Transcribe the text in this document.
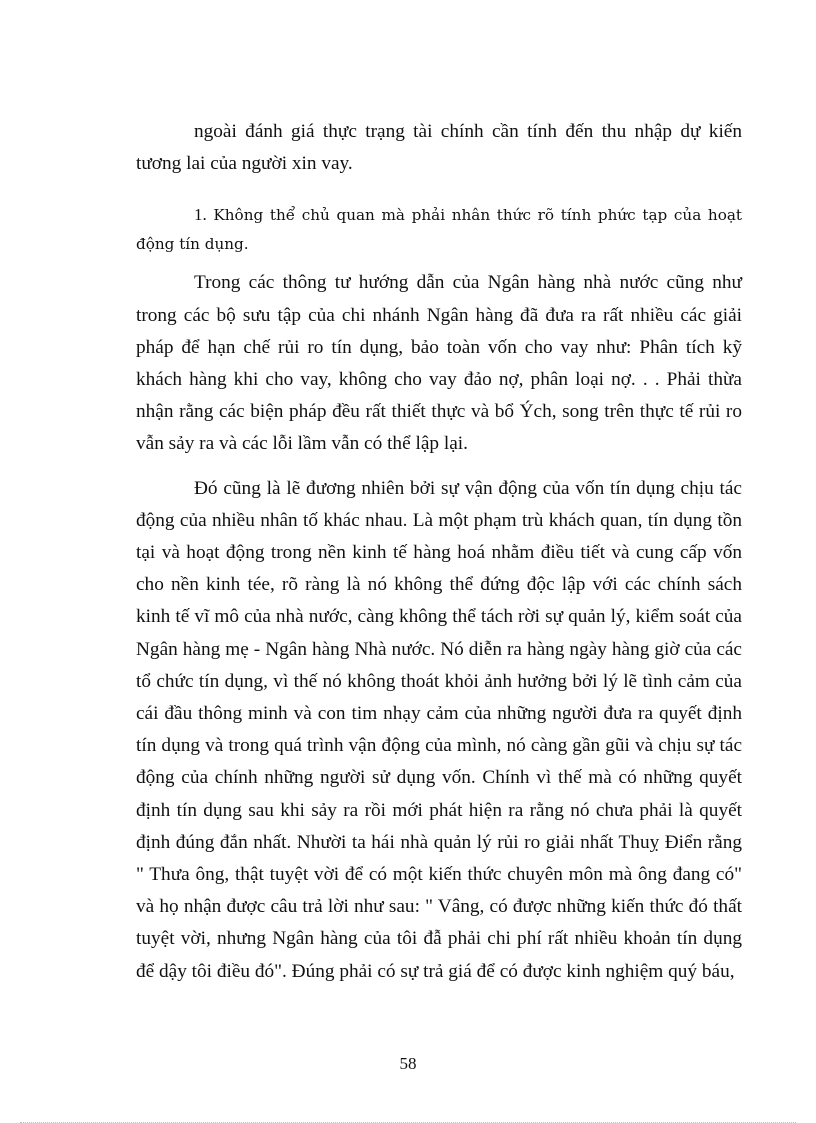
ngoài đánh giá thực trạng tài chính cần tính đến thu nhập dự kiến tương lai của người xin vay.

1. Không thể chủ quan mà phải nhân thức rõ tính phức tạp của hoạt động tín dụng.

Trong các thông tư hướng dẫn của Ngân hàng nhà nước cũng như trong các bộ sưu tập của chi nhánh Ngân hàng đã đưa ra rất nhiều các giải pháp để hạn chế rủi ro tín dụng, bảo toàn vốn cho vay như: Phân tích kỹ khách hàng khi cho vay, không cho vay đảo nợ, phân loại nợ. . . Phải thừa nhận rằng các biện pháp đều rất thiết thực và bổ Ých, song trên thực tế rủi ro vẫn sảy ra và các lỗi lầm vẫn có thể lập lại.

Đó cũng là lẽ đương nhiên bởi sự vận động của vốn tín dụng chịu tác động của nhiều nhân tố khác nhau. Là một phạm trù khách quan, tín dụng tồn tại và hoạt động trong nền kinh tế hàng hoá nhằm điều tiết và cung cấp vốn cho nền kinh tée, rõ ràng là nó không thể đứng độc lập với các chính sách kinh tế vĩ mô của nhà nước, càng không thể tách rời sự quản lý, kiểm soát của Ngân hàng mẹ - Ngân hàng Nhà nước. Nó diễn ra hàng ngày hàng giờ của các tổ chức tín dụng, vì thế nó không thoát khỏi ảnh hưởng bởi lý lẽ tình cảm của cái đầu thông minh và con tim nhạy cảm của những người đưa ra quyết định tín dụng và trong quá trình vận động của mình, nó càng gần gũi và chịu sự tác động của chính những người sử dụng vốn. Chính vì thế mà có những quyết định tín dụng sau khi sảy ra rồi mới phát hiện ra rằng nó chưa phải là quyết định đúng đắn nhất. Nhười ta hái nhà quản lý rủi ro giải nhất Thuỵ Điển rằng " Thưa ông, thật tuyệt vời để có một kiến thức chuyên môn mà ông đang có" và họ nhận được câu trả lời như sau: " Vâng, có được những kiến thức đó thất tuyệt vời, nhưng Ngân hàng của tôi đẫ phải chi phí rất nhiều khoản tín dụng để dậy tôi điều đó". Đúng phải có sự trả giá để có được kinh nghiệm quý báu,

58
